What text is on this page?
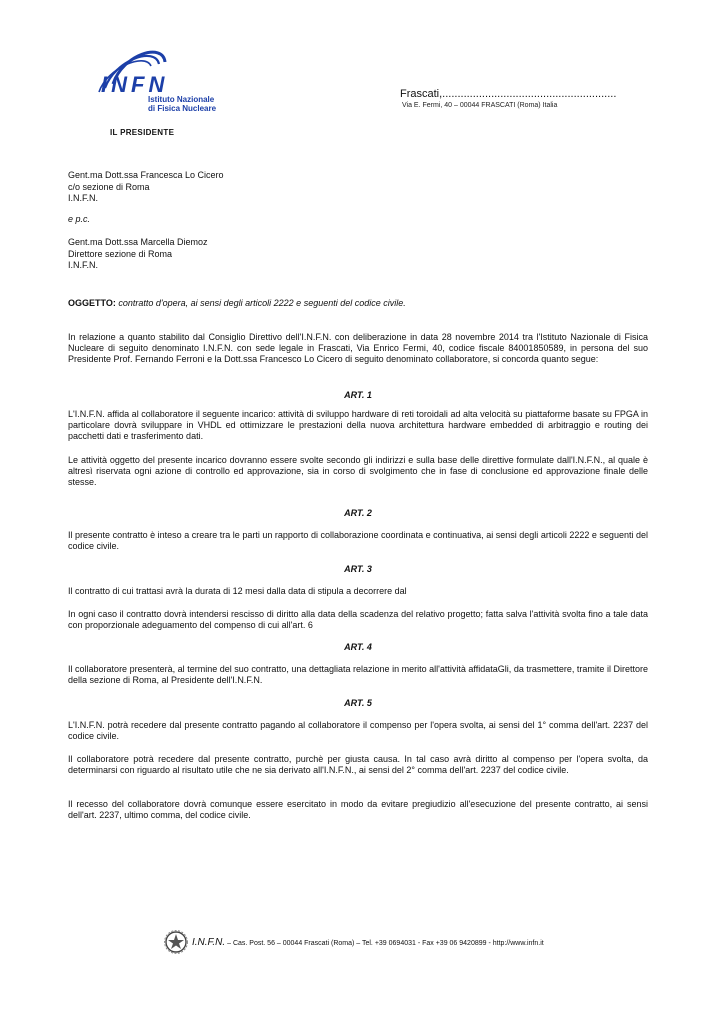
INFN
Istituto Nazionale
di Fisica Nucleare
IL PRESIDENTE
Frascati,.........................................................
Via E. Fermi, 40 – 00044 FRASCATI (Roma) Italia
Gent.ma Dott.ssa Francesca Lo Cicero
c/o sezione di Roma
I.N.F.N.
e p.c.
Gent.ma Dott.ssa Marcella Diemoz
Direttore sezione di Roma
I.N.F.N.
OGGETTO: contratto d'opera, ai sensi degli articoli 2222 e seguenti del codice civile.
In relazione a quanto stabilito dal Consiglio Direttivo dell'I.N.F.N. con deliberazione in data 28 novembre 2014 tra l'Istituto Nazionale di Fisica Nucleare di seguito denominato I.N.F.N. con sede legale in Frascati, Via Enrico Fermi, 40, codice fiscale 84001850589, in persona del suo Presidente Prof. Fernando Ferroni e la Dott.ssa Francesco Lo Cicero di seguito denominato collaboratore, si concorda quanto segue:
ART. 1
L'I.N.F.N. affida al collaboratore il seguente incarico: attività di sviluppo hardware di reti toroidali ad alta velocità su piattaforme basate su FPGA in particolare dovrà sviluppare in VHDL ed ottimizzare le prestazioni della nuova architettura hardware embedded di arbitraggio e routing dei pacchetti dati e trasferimento dati.
Le attività oggetto del presente incarico dovranno essere svolte secondo gli indirizzi e sulla base delle direttive formulate dall'I.N.F.N., al quale è altresì riservata ogni azione di controllo ed approvazione, sia in corso di svolgimento che in fase di conclusione ed approvazione finale delle stesse.
ART. 2
Il presente contratto è inteso a creare tra le parti un rapporto di collaborazione coordinata e continuativa, ai sensi degli articoli 2222 e seguenti del codice civile.
ART. 3
Il contratto di cui trattasi avrà la durata di 12 mesi dalla data di stipula a decorrere dal
In ogni caso il contratto dovrà intendersi rescisso di diritto alla data della scadenza del relativo progetto; fatta salva l'attività svolta fino a tale data con proporzionale adeguamento del compenso di cui all'art. 6
ART. 4
Il collaboratore presenterà, al termine del suo contratto, una dettagliata relazione in merito all'attività affidataGli, da trasmettere, tramite il Direttore della sezione di Roma, al Presidente dell'I.N.F.N.
ART. 5
L'I.N.F.N. potrà recedere dal presente contratto pagando al collaboratore il compenso per l'opera svolta, ai sensi del 1° comma dell'art. 2237 del codice civile.
Il collaboratore potrà recedere dal presente contratto, purchè per giusta causa. In tal caso avrà diritto al compenso per l'opera svolta, da determinarsi con riguardo al risultato utile che ne sia derivato all'I.N.F.N., ai sensi del 2° comma dell'art. 2237 del codice civile.
Il recesso del collaboratore dovrà comunque essere esercitato in modo da evitare pregiudizio all'esecuzione del presente contratto, ai sensi dell'art. 2237, ultimo comma, del codice civile.
I.N.F.N. – Cas. Post. 56 – 00044 Frascati (Roma) – Tel. +39 0694031 - Fax +39 06 9420899 - http://www.infn.it
